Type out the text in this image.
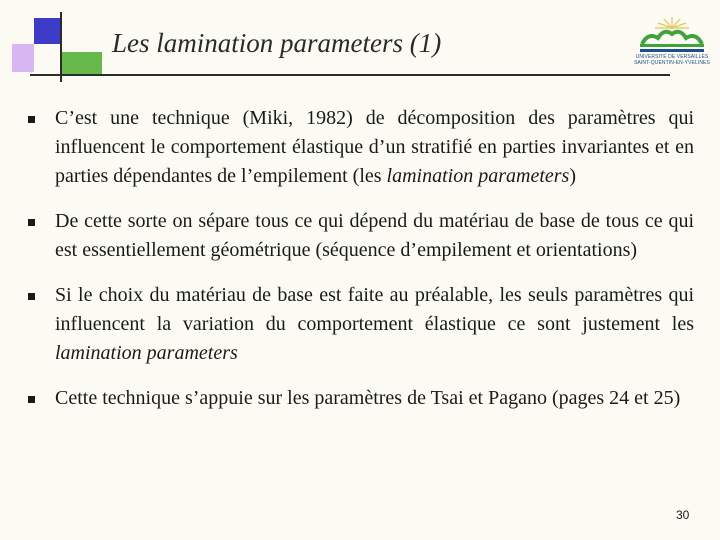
Les lamination parameters (1)	UNIVERSITÉ DE VERSAILLES
SAINT-QUENTIN-EN-YVELINES
C’est une technique (Miki, 1982) de décomposition des paramètres qui influencent le comportement élastique d’un stratifié en parties invariantes et en parties dépendantes de l’empilement (les lamination parameters)
De cette sorte on sépare tous ce qui dépend du matériau de base de tous ce qui est essentiellement géométrique (séquence d’empilement et orientations)
Si le choix du matériau de base est faite au préalable, les seuls paramètres qui influencent la variation du comportement élastique ce sont justement les lamination parameters
Cette technique s’appuie sur les paramètres de Tsai et Pagano (pages 24 et 25)
30
